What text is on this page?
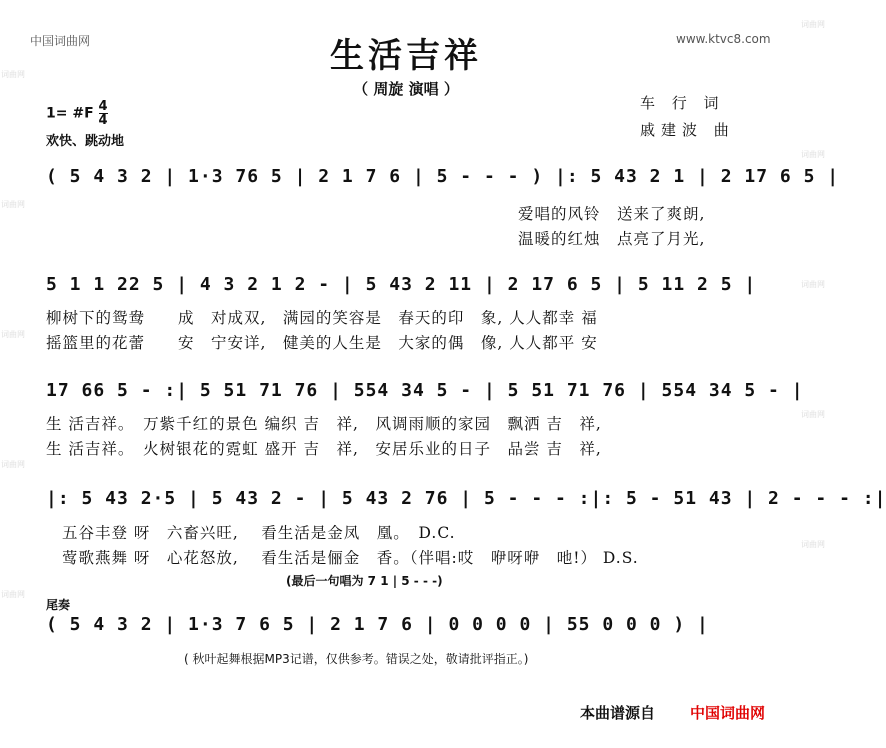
词曲网
词曲网
词曲网
词曲网
词曲网
词曲网
词曲网
词曲网
词曲网
词曲网
中国词曲网	www.ktvc8.com
生活吉祥
（ 周旋 演唱 ）
1= #F $\frac{4}{4}$
欢快、跳动地
车 行 词
戚建波 曲
( 5 4 3 2 | 1·3 76 5 | 2 1 7 6 | 5 - - - ) |: 5 43 2 1 | 2 17 6 5 |
爱唱的风铃　送来了爽朗,
温暖的红烛　点亮了月光,
5 1 1 22 5 | 4 3 2 1 2 - | 5 43 2 11 | 2 17 6 5 | 5 11 2 5 |
柳树下的鸳鸯　　成　对成双,　满园的笑容是　春天的印　象, 人人都幸 福
摇篮里的花蕾　　安　宁安详,　健美的人生是　大家的偶　像, 人人都平 安
17 66 5 - :| 5 51 71 76 | 554 34 5 - | 5 51 71 76 | 554 34 5 - |
生 活吉祥。　万紫千红的景色 编织 吉　祥,　风调雨顺的家园　飘洒 吉　祥,
生 活吉祥。　火树银花的霓虹 盛开 吉　祥,　安居乐业的日子　品尝 吉　祥,
|: 5 43 2·5 | 5 43 2 - | 5 43 2 76 | 5 - - - :|: 5 - 51 43 | 2 - - - :|
五谷丰登 呀　六畜兴旺,　 看生活是金凤　凰。　D.C.
莺歌燕舞 呀　心花怒放,　 看生活是俪金　香。（伴唱:哎　咿呀咿　吔!） D.S.
(最后一句唱为 7 1 | 5 - - -)
尾奏
( 5 4 3 2 | 1·3 7 6 5 | 2 1 7 6 | 0 0 0 0 | 55 0 0 0 ) |
( 秋叶起舞根据MP3记谱，仅供参考。错误之处，敬请批评指正。)
本曲谱源自 中国词曲网
